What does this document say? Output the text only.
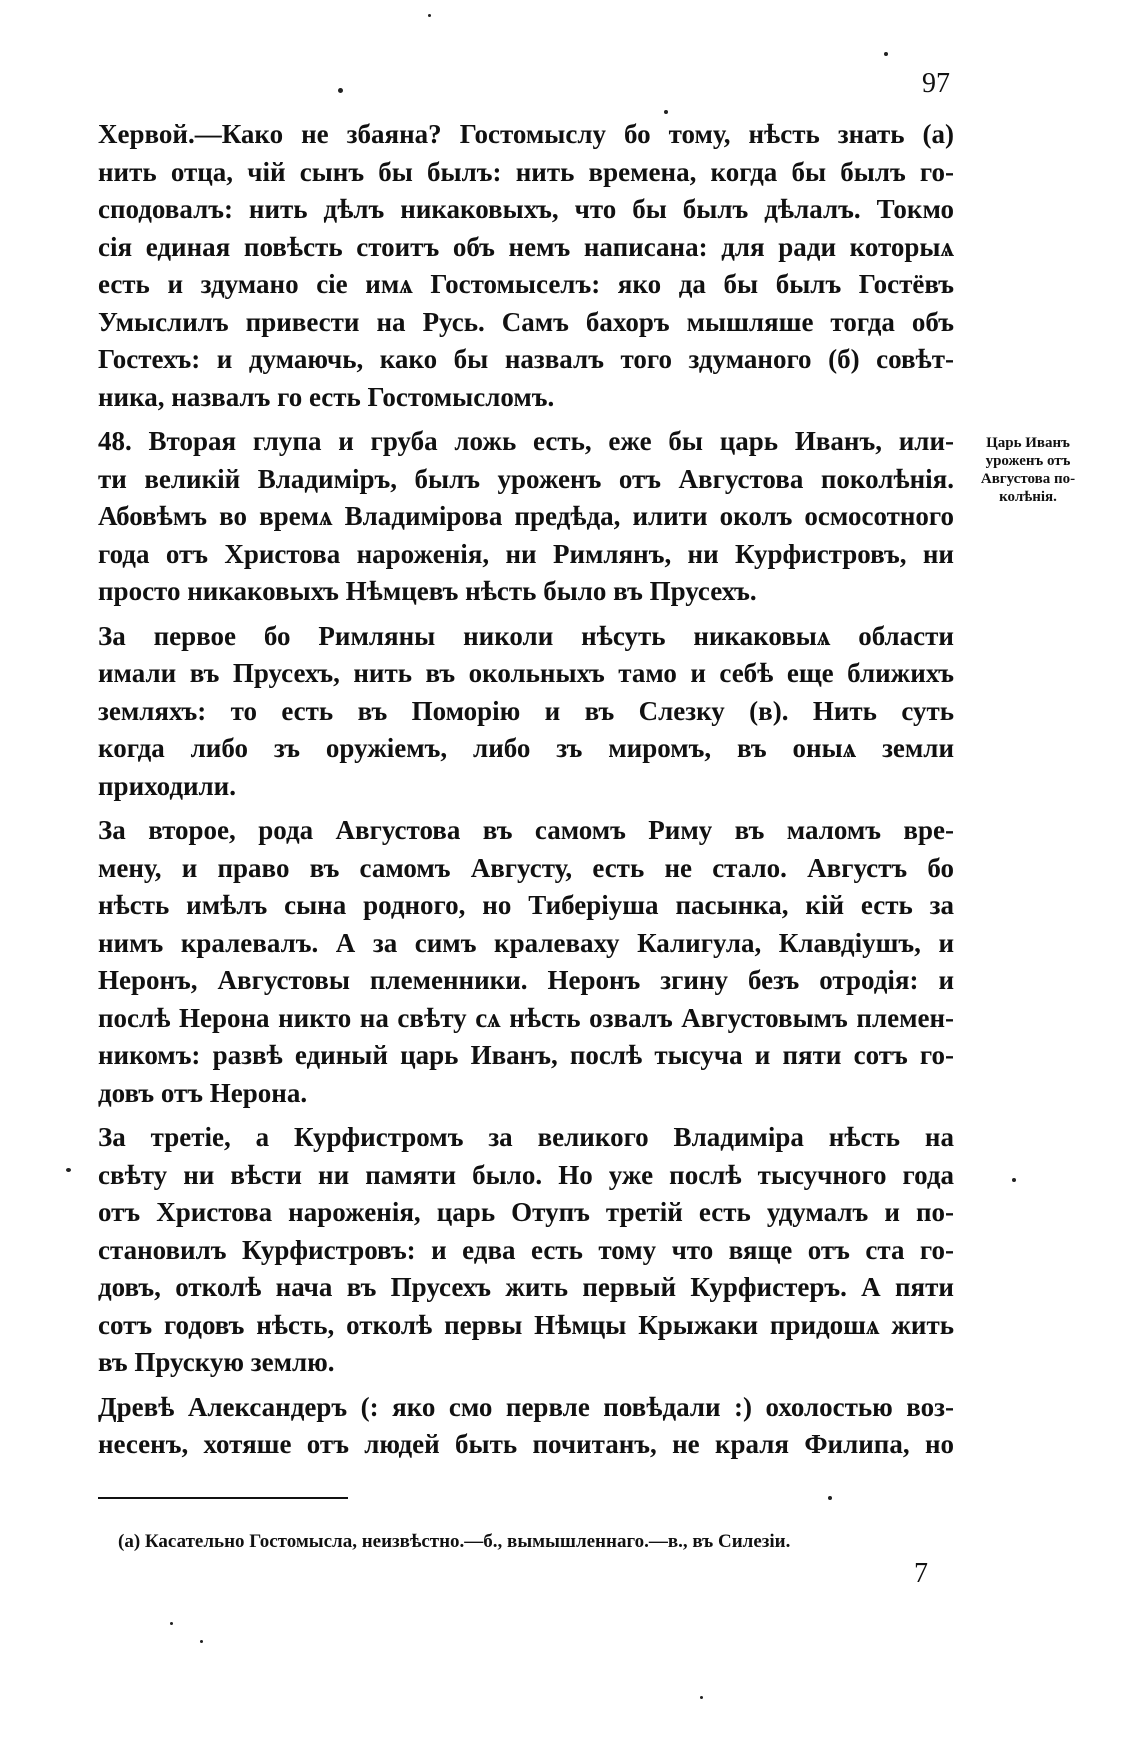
97
Хервой.—Како не збаяна? Гостомыслу бо тому, нѣсть знать (а)
нить отца, чій сынъ бы былъ: нить времена, когда бы былъ го-
сподовалъ: нить дѣлъ никаковыхъ, что бы былъ дѣлалъ. Токмо
сія единая повѣсть стоитъ объ немъ написана: для ради которыѧ
есть и здумано сіе имѧ Гостомыселъ: яко да бы былъ Гостёвъ
Умыслилъ привести на Русь. Самъ бахоръ мышляше тогда объ
Гостехъ: и думаючь, како бы назвалъ того здуманого (б) совѣт-
ника, назвалъ го есть Гостомысломъ.
48. Вторая глупа и груба ложь есть, еже бы царь Иванъ, или-
ти великій Владиміръ, былъ уроженъ отъ Августова поколѣнія.
Абовѣмъ во времѧ Владимірова предѣда, илити околъ осмосотного
года отъ Христова нароженія, ни Римлянъ, ни Курфистровъ, ни
просто никаковыхъ Нѣмцевъ нѣсть было въ Прусехъ.
За первое бо Римляны николи нѣсуть никаковыѧ области
имали въ Прусехъ, нить въ окольныхъ тамо и себѣ еще ближихъ
земляхъ: то есть въ Поморію и въ Слезку (в). Нить суть
когда либо зъ оружіемъ, либо зъ миромъ, въ оныѧ земли
приходили.
За второе, рода Августова въ самомъ Риму въ маломъ вре-
мену, и право въ самомъ Августу, есть не стало. Августъ бо
нѣсть имѣлъ сына родного, но Тиберіуша пасынка, кій есть за
нимъ кралевалъ. А за симъ кралеваху Калигула, Клавдіушъ, и
Неронъ, Августовы племенники. Неронъ згину безъ отродія: и
послѣ Нерона никто на свѣту сѧ нѣсть озвалъ Августовымъ племен-
никомъ: развѣ единый царь Иванъ, послѣ тысуча и пяти сотъ го-
довъ отъ Нерона.
За третіе, а Курфистромъ за великого Владиміра нѣсть на
свѣту ни вѣсти ни памяти было. Но уже послѣ тысучного года
отъ Христова нароженія, царь Отупъ третій есть удумалъ и по-
становилъ Курфистровъ: и едва есть тому что вяще отъ ста го-
довъ, отколѣ нача въ Прусехъ жить первый Курфистеръ. А пяти
сотъ годовъ нѣсть, отколѣ первы Нѣмцы Крыжаки придошѧ жить
въ Прускую землю.
Древѣ Александеръ (: яко смо первле повѣдали :) охолостью воз-
несенъ, хотяше отъ людей быть почитанъ, не краля Филипа, но
Царь Иванъ
уроженъ отъ
Августова по-
колѣнія.
(а) Касательно Гостомысла, неизвѣстно.—б., вымышленнаго.—в., въ Силезіи.
7
